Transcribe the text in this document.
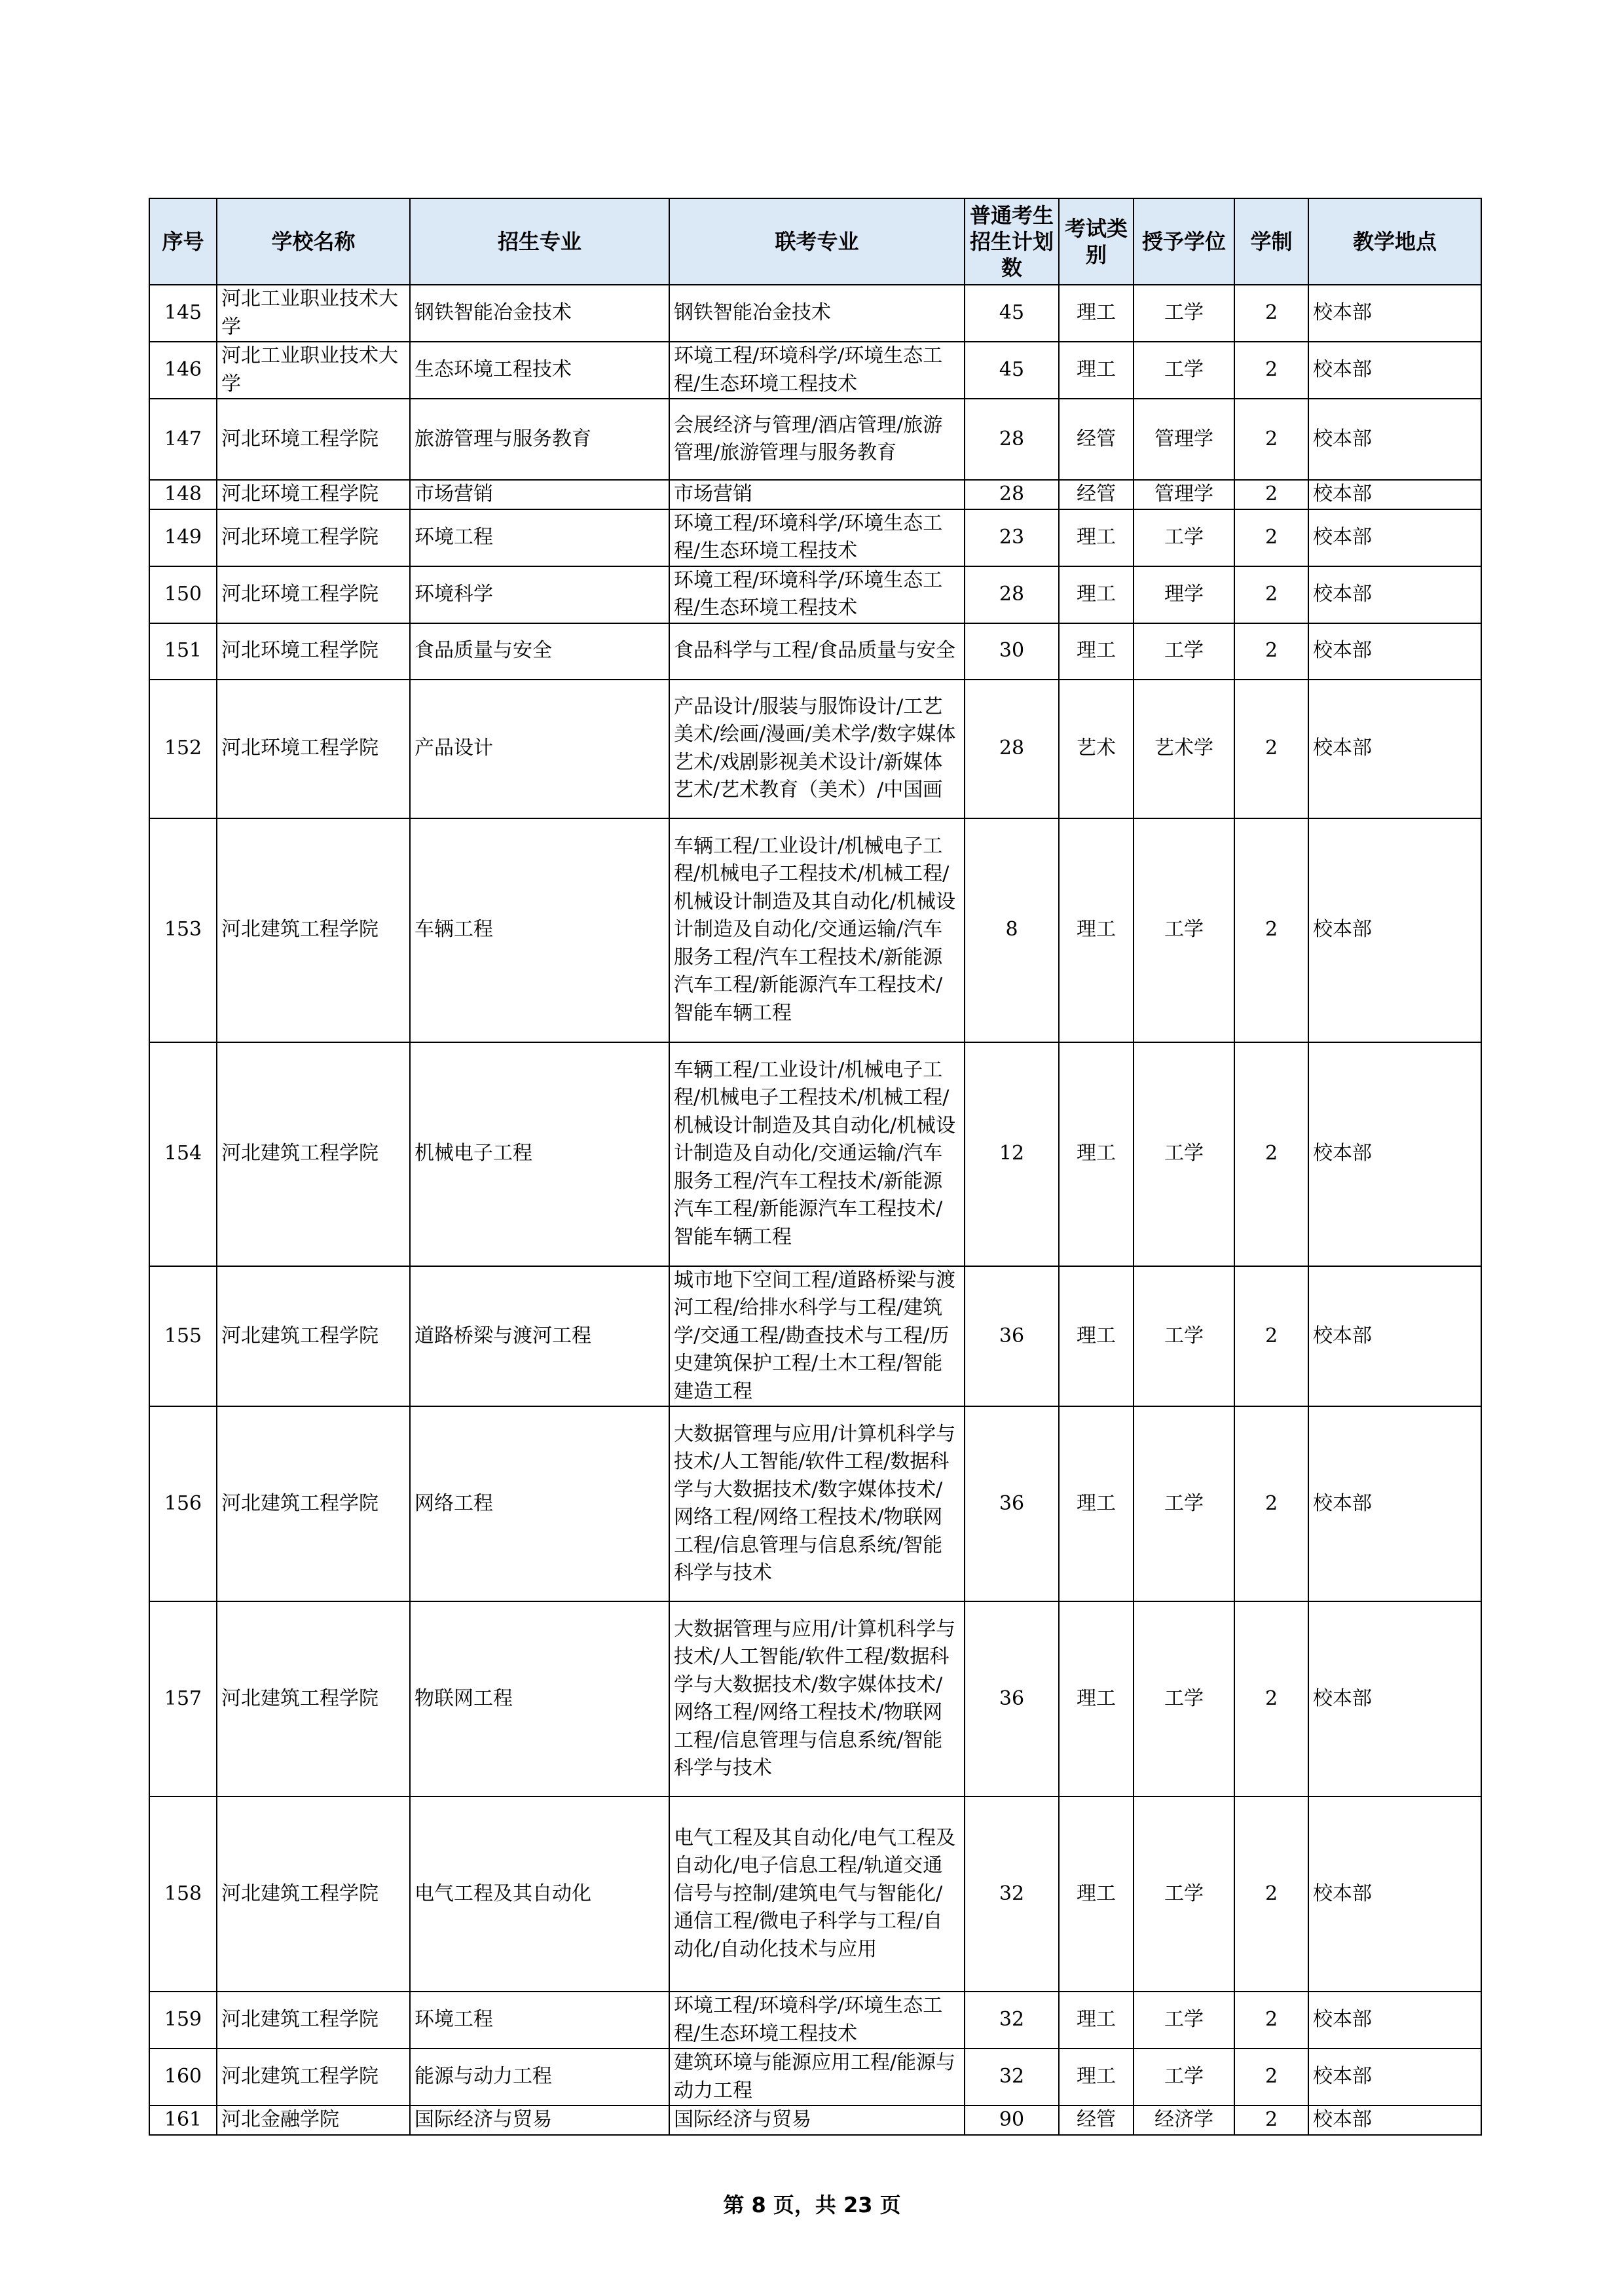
序号	学校名称	招生专业	联考专业	普通考生招生计划数	考试类别	授予学位	学制	教学地点
145	河北工业职业技术大学	钢铁智能冶金技术	钢铁智能冶金技术	45	理工	工学	2	校本部
146	河北工业职业技术大学	生态环境工程技术	环境工程/环境科学/环境生态工程/生态环境工程技术	45	理工	工学	2	校本部
147	河北环境工程学院	旅游管理与服务教育	会展经济与管理/酒店管理/旅游管理/旅游管理与服务教育	28	经管	管理学	2	校本部
148	河北环境工程学院	市场营销	市场营销	28	经管	管理学	2	校本部
149	河北环境工程学院	环境工程	环境工程/环境科学/环境生态工程/生态环境工程技术	23	理工	工学	2	校本部
150	河北环境工程学院	环境科学	环境工程/环境科学/环境生态工程/生态环境工程技术	28	理工	理学	2	校本部
151	河北环境工程学院	食品质量与安全	食品科学与工程/食品质量与安全	30	理工	工学	2	校本部
152	河北环境工程学院	产品设计	产品设计/服装与服饰设计/工艺美术/绘画/漫画/美术学/数字媒体艺术/戏剧影视美术设计/新媒体艺术/艺术教育（美术）/中国画	28	艺术	艺术学	2	校本部
153	河北建筑工程学院	车辆工程	车辆工程/工业设计/机械电子工程/机械电子工程技术/机械工程/机械设计制造及其自动化/机械设计制造及自动化/交通运输/汽车服务工程/汽车工程技术/新能源汽车工程/新能源汽车工程技术/智能车辆工程	8	理工	工学	2	校本部
154	河北建筑工程学院	机械电子工程	车辆工程/工业设计/机械电子工程/机械电子工程技术/机械工程/机械设计制造及其自动化/机械设计制造及自动化/交通运输/汽车服务工程/汽车工程技术/新能源汽车工程/新能源汽车工程技术/智能车辆工程	12	理工	工学	2	校本部
155	河北建筑工程学院	道路桥梁与渡河工程	城市地下空间工程/道路桥梁与渡河工程/给排水科学与工程/建筑学/交通工程/勘查技术与工程/历史建筑保护工程/土木工程/智能建造工程	36	理工	工学	2	校本部
156	河北建筑工程学院	网络工程	大数据管理与应用/计算机科学与技术/人工智能/软件工程/数据科学与大数据技术/数字媒体技术/网络工程/网络工程技术/物联网工程/信息管理与信息系统/智能科学与技术	36	理工	工学	2	校本部
157	河北建筑工程学院	物联网工程	大数据管理与应用/计算机科学与技术/人工智能/软件工程/数据科学与大数据技术/数字媒体技术/网络工程/网络工程技术/物联网工程/信息管理与信息系统/智能科学与技术	36	理工	工学	2	校本部
158	河北建筑工程学院	电气工程及其自动化	电气工程及其自动化/电气工程及自动化/电子信息工程/轨道交通信号与控制/建筑电气与智能化/通信工程/微电子科学与工程/自动化/自动化技术与应用	32	理工	工学	2	校本部
159	河北建筑工程学院	环境工程	环境工程/环境科学/环境生态工程/生态环境工程技术	32	理工	工学	2	校本部
160	河北建筑工程学院	能源与动力工程	建筑环境与能源应用工程/能源与动力工程	32	理工	工学	2	校本部
161	河北金融学院	国际经济与贸易	国际经济与贸易	90	经管	经济学	2	校本部
第 8 页，共 23 页
